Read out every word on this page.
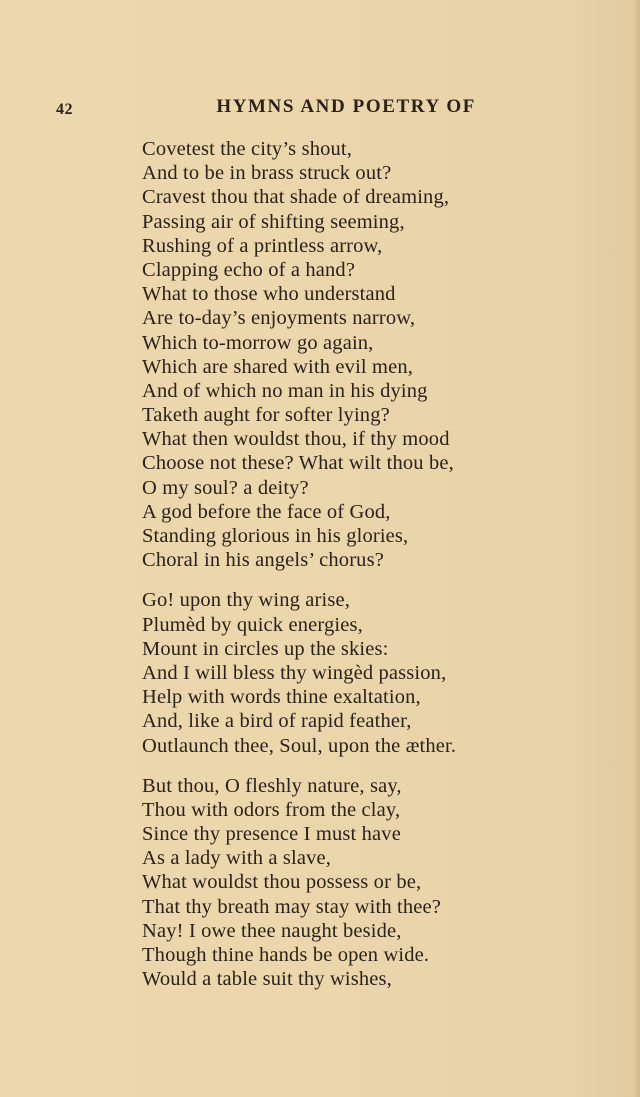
42	HYMNS AND POETRY OF
Covetest the city’s shout,
And to be in brass struck out?
Cravest thou that shade of dreaming,
Passing air of shifting seeming,
Rushing of a printless arrow,
Clapping echo of a hand?
What to those who understand
Are to-day’s enjoyments narrow,
Which to-morrow go again,
Which are shared with evil men,
And of which no man in his dying
Taketh aught for softer lying?
What then wouldst thou, if thy mood
Choose not these? What wilt thou be,
O my soul? a deity?
A god before the face of God,
Standing glorious in his glories,
Choral in his angels’ chorus?
Go! upon thy wing arise,
Plumèd by quick energies,
Mount in circles up the skies:
And I will bless thy wingèd passion,
Help with words thine exaltation,
And, like a bird of rapid feather,
Outlaunch thee, Soul, upon the æther.
But thou, O fleshly nature, say,
Thou with odors from the clay,
Since thy presence I must have
As a lady with a slave,
What wouldst thou possess or be,
That thy breath may stay with thee?
Nay! I owe thee naught beside,
Though thine hands be open wide.
Would a table suit thy wishes,
